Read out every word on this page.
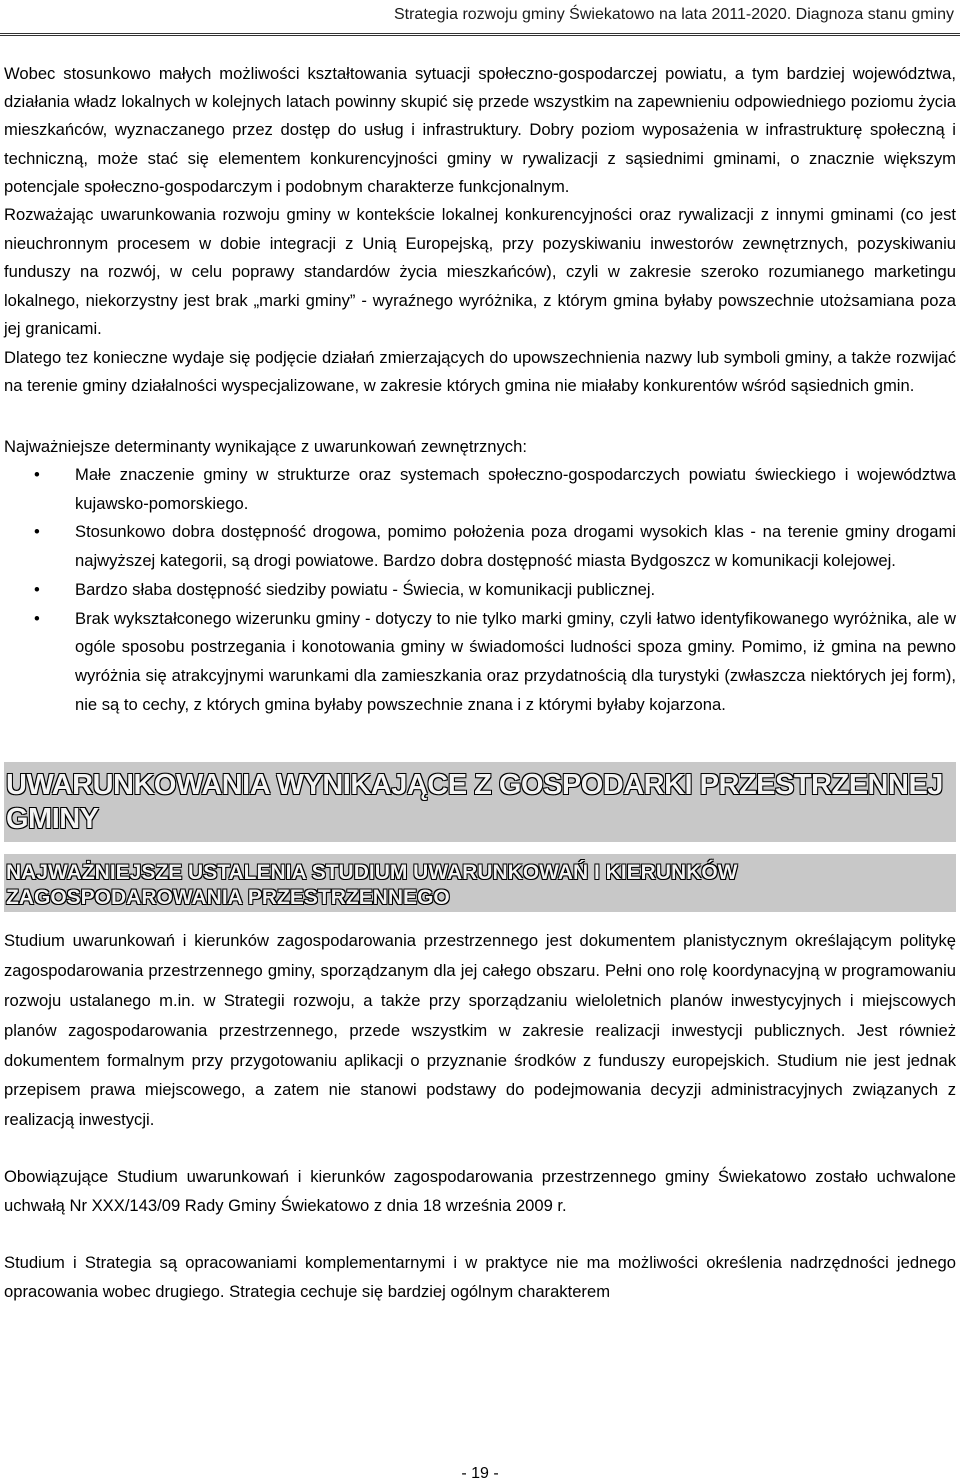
Strategia rozwoju gminy Świekatowo na lata 2011-2020. Diagnoza stanu gminy

Wobec stosunkowo małych możliwości kształtowania sytuacji społeczno-gospodarczej powiatu, a tym bardziej województwa, działania władz lokalnych w kolejnych latach powinny skupić się przede wszystkim na zapewnieniu odpowiedniego poziomu życia mieszkańców, wyznaczanego przez dostęp do usług i infrastruktury. Dobry poziom wyposażenia w infrastrukturę społeczną i techniczną, może stać się elementem konkurencyjności gminy w rywalizacji z sąsiednimi gminami, o znacznie większym potencjale społeczno-gospodarczym i podobnym charakterze funkcjonalnym.

Rozważając uwarunkowania rozwoju gminy w kontekście lokalnej konkurencyjności oraz rywalizacji z innymi gminami (co jest nieuchronnym procesem w dobie integracji z Unią Europejską, przy pozyskiwaniu inwestorów zewnętrznych, pozyskiwaniu funduszy na rozwój, w celu poprawy standardów życia mieszkańców), czyli w zakresie szeroko rozumianego marketingu lokalnego, niekorzystny jest brak „marki gminy” - wyraźnego wyróżnika, z którym gmina byłaby powszechnie utożsamiana poza jej granicami.

Dlatego tez konieczne wydaje się podjęcie działań zmierzających do upowszechnienia nazwy lub symboli gminy, a także rozwijać na terenie gminy działalności wyspecjalizowane, w zakresie których gmina nie miałaby konkurentów wśród sąsiednich gmin.

Najważniejsze determinanty wynikające z uwarunkowań zewnętrznych:

• Małe znaczenie gminy w strukturze oraz systemach społeczno-gospodarczych powiatu świeckiego i województwa kujawsko-pomorskiego.
• Stosunkowo dobra dostępność drogowa, pomimo położenia poza drogami wysokich klas - na terenie gminy drogami najwyższej kategorii, są drogi powiatowe. Bardzo dobra dostępność miasta Bydgoszcz w komunikacji kolejowej.
• Bardzo słaba dostępność siedziby powiatu - Świecia, w komunikacji publicznej.
• Brak wykształconego wizerunku gminy - dotyczy to nie tylko marki gminy, czyli łatwo identyfikowanego wyróżnika, ale w ogóle sposobu postrzegania i konotowania gminy w świadomości ludności spoza gminy. Pomimo, iż gmina na pewno wyróżnia się atrakcyjnymi warunkami dla zamieszkania oraz przydatnością dla turystyki (zwłaszcza niektórych jej form), nie są to cechy, z których gmina byłaby powszechnie znana i z którymi byłaby kojarzona.
UWARUNKOWANIA WYNIKAJĄCE Z GOSPODARKI PRZESTRZENNEJ GMINY
NAJWAŻNIEJSZE USTALENIA STUDIUM UWARUNKOWAŃ I KIERUNKÓW ZAGOSPODAROWANIA PRZESTRZENNEGO

Studium uwarunkowań i kierunków zagospodarowania przestrzennego jest dokumentem planistycznym określającym politykę zagospodarowania przestrzennego gminy, sporządzanym dla jej całego obszaru. Pełni ono rolę koordynacyjną w programowaniu rozwoju ustalanego m.in. w Strategii rozwoju, a także przy sporządzaniu wieloletnich planów inwestycyjnych i miejscowych planów zagospodarowania przestrzennego, przede wszystkim w zakresie realizacji inwestycji publicznych. Jest również dokumentem formalnym przy przygotowaniu aplikacji o przyznanie środków z funduszy europejskich. Studium nie jest jednak przepisem prawa miejscowego, a zatem nie stanowi podstawy do podejmowania decyzji administracyjnych związanych z realizacją inwestycji.

Obowiązujące Studium uwarunkowań i kierunków zagospodarowania przestrzennego gminy Świekatowo zostało uchwalone uchwałą Nr XXX/143/09 Rady Gminy Świekatowo z dnia 18 września 2009 r.

Studium i Strategia są opracowaniami komplementarnymi i w praktyce nie ma możliwości określenia nadrzędności jednego opracowania wobec drugiego. Strategia cechuje się bardziej ogólnym charakterem

- 19 -
